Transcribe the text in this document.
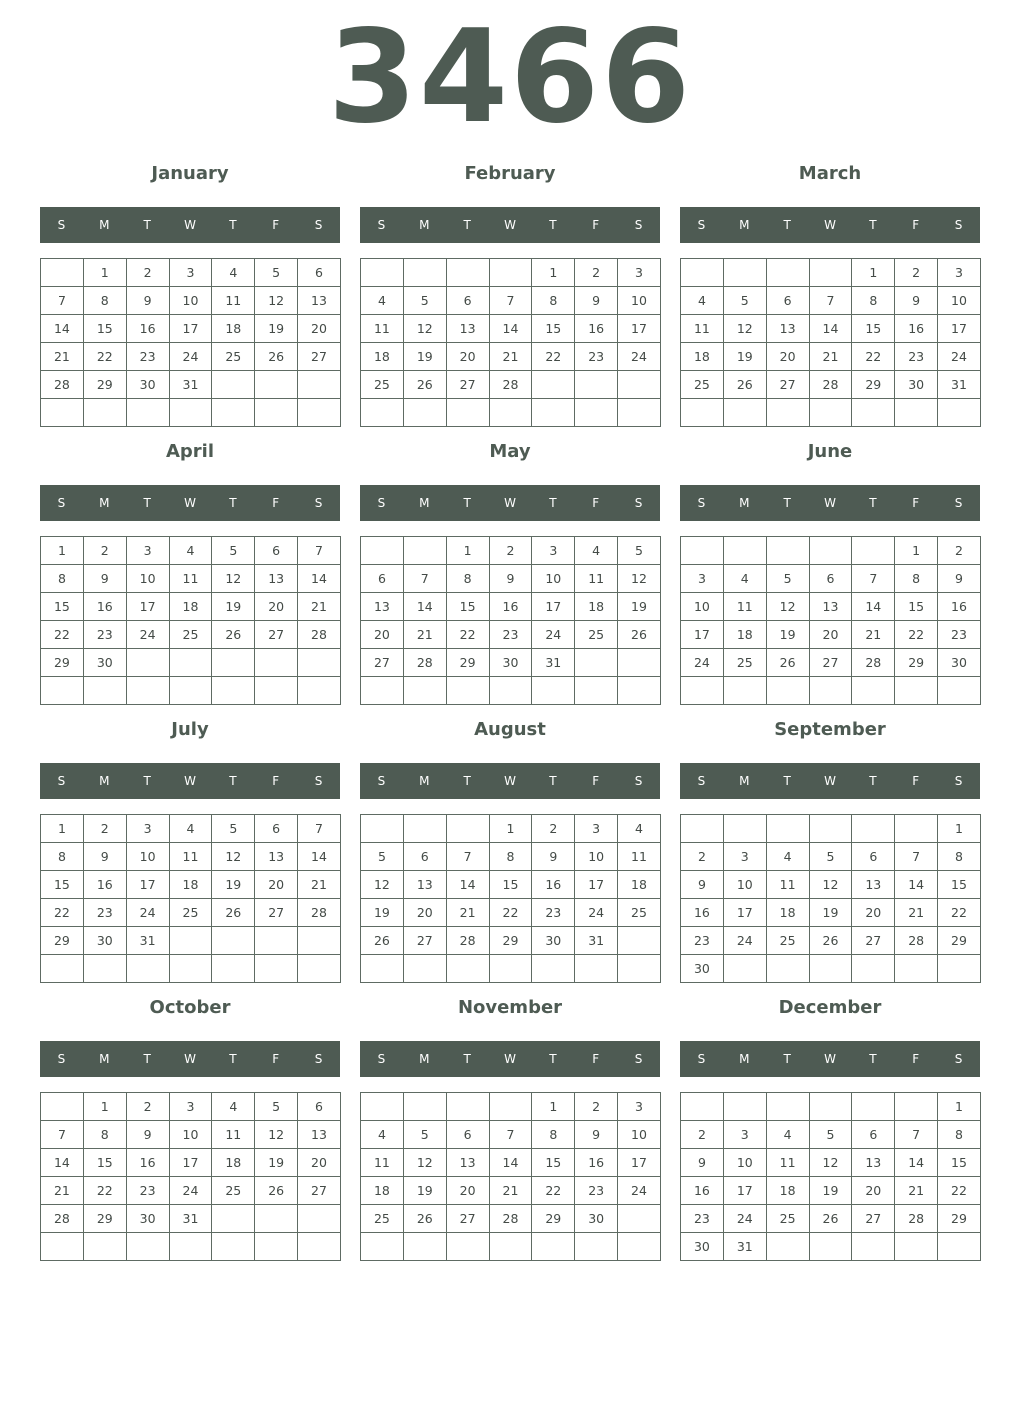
3466
January
S	M	T	W	T	F	S
	1	2	3	4	5	6
7	8	9	10	11	12	13
14	15	16	17	18	19	20
21	22	23	24	25	26	27
28	29	30	31			

February
S	M	T	W	T	F	S
				1	2	3
4	5	6	7	8	9	10
11	12	13	14	15	16	17
18	19	20	21	22	23	24
25	26	27	28			

March
S	M	T	W	T	F	S
				1	2	3
4	5	6	7	8	9	10
11	12	13	14	15	16	17
18	19	20	21	22	23	24
25	26	27	28	29	30	31

April
S	M	T	W	T	F	S
1	2	3	4	5	6	7
8	9	10	11	12	13	14
15	16	17	18	19	20	21
22	23	24	25	26	27	28
29	30					

May
S	M	T	W	T	F	S
		1	2	3	4	5
6	7	8	9	10	11	12
13	14	15	16	17	18	19
20	21	22	23	24	25	26
27	28	29	30	31		

June
S	M	T	W	T	F	S
					1	2
3	4	5	6	7	8	9
10	11	12	13	14	15	16
17	18	19	20	21	22	23
24	25	26	27	28	29	30

July
S	M	T	W	T	F	S
1	2	3	4	5	6	7
8	9	10	11	12	13	14
15	16	17	18	19	20	21
22	23	24	25	26	27	28
29	30	31				

August
S	M	T	W	T	F	S
			1	2	3	4
5	6	7	8	9	10	11
12	13	14	15	16	17	18
19	20	21	22	23	24	25
26	27	28	29	30	31	

September
S	M	T	W	T	F	S
						1
2	3	4	5	6	7	8
9	10	11	12	13	14	15
16	17	18	19	20	21	22
23	24	25	26	27	28	29
30						
October
S	M	T	W	T	F	S
	1	2	3	4	5	6
7	8	9	10	11	12	13
14	15	16	17	18	19	20
21	22	23	24	25	26	27
28	29	30	31			

November
S	M	T	W	T	F	S
				1	2	3
4	5	6	7	8	9	10
11	12	13	14	15	16	17
18	19	20	21	22	23	24
25	26	27	28	29	30	

December
S	M	T	W	T	F	S
						1
2	3	4	5	6	7	8
9	10	11	12	13	14	15
16	17	18	19	20	21	22
23	24	25	26	27	28	29
30	31					
